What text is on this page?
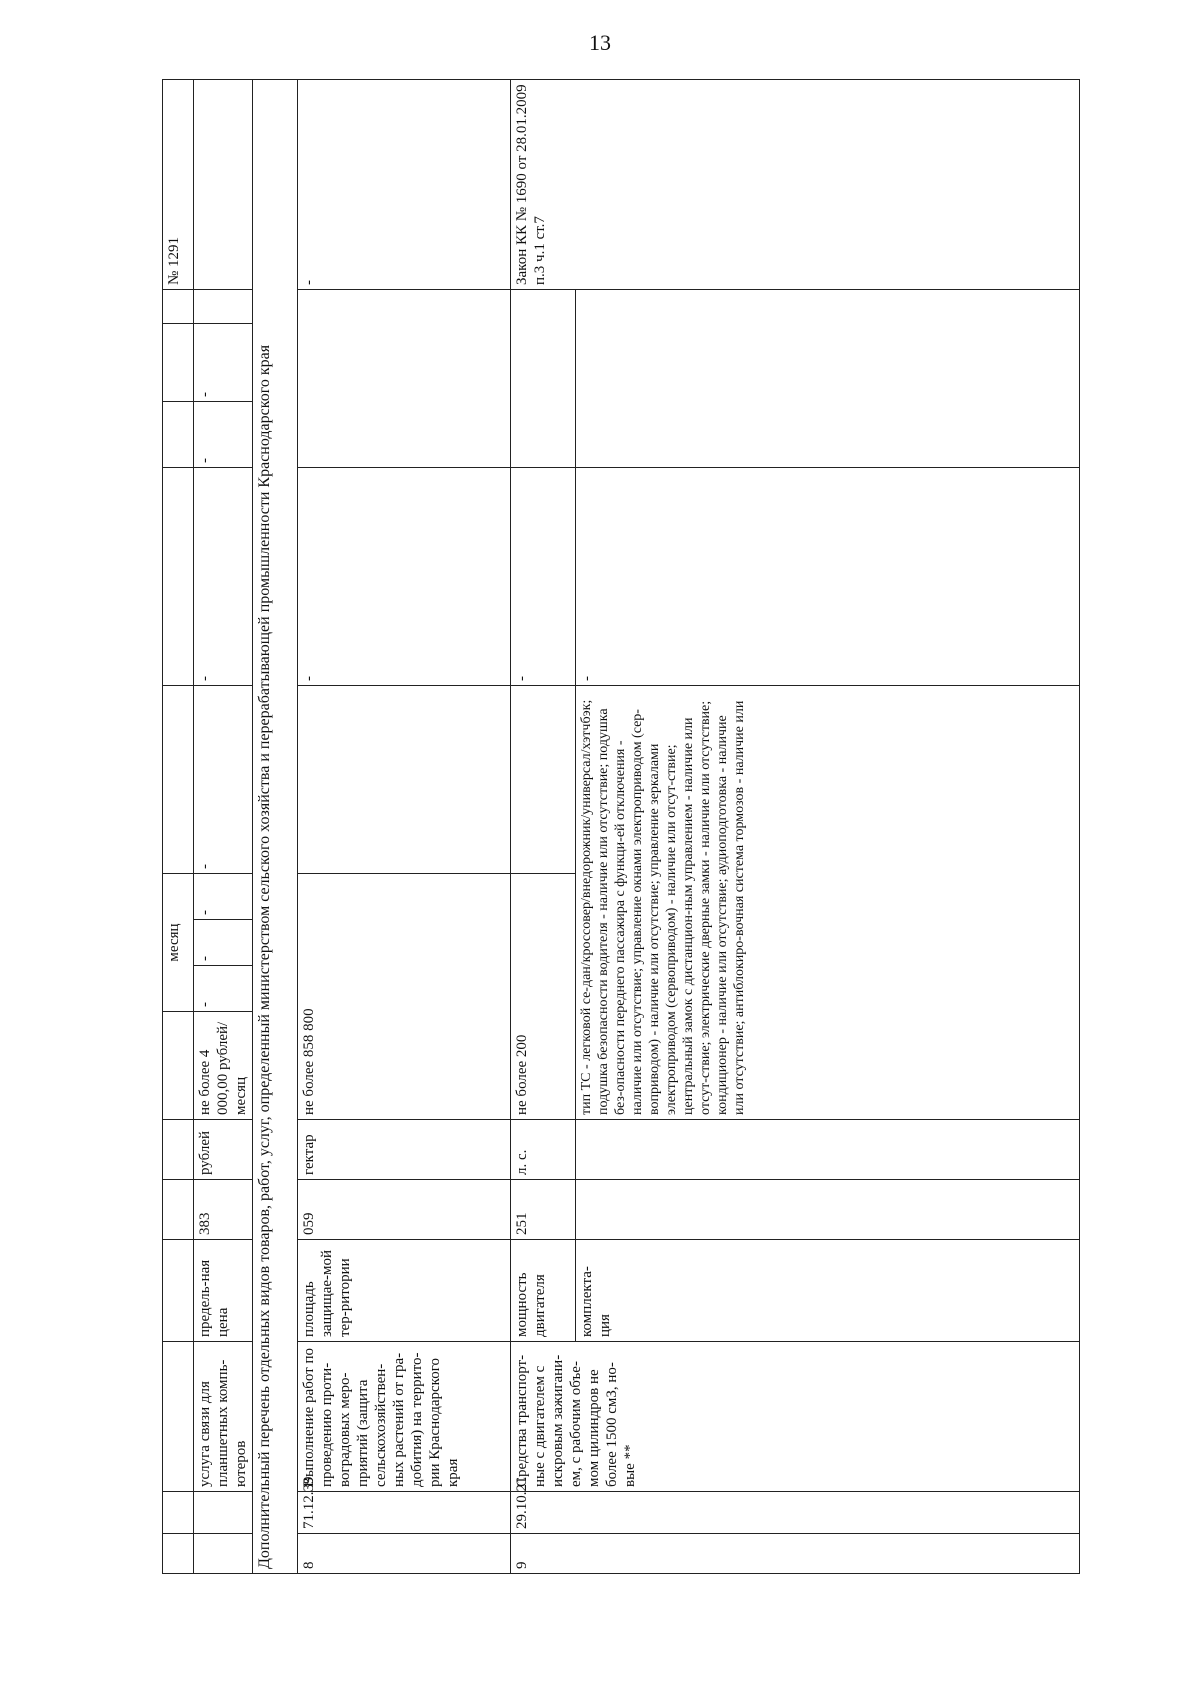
13
							месяц								№ 1291
		услуга связи для планшетных компь-ютеров	предель-ная цена	383	рублей	не более 4 000,00 рублей/месяц	-	-	-	-	-	-	-		
Дополнительный перечень отдельных видов товаров, работ, услуг, определенный министерством сельского хозяйства и перерабатывающей промышленности Краснодарского края															
8	71.12.39	Выполнение работ по проведению проти-воградовых меро-приятий (защита сельскохозяйствен-ных растений от гра-добития) на террито-рии Краснодарского края	площадь защищае-мой тер-ритории	059	гектар	не более 858 800					-				-
9	29.10.21	Средства транспорт-ные с двигателем с искровым зажигани-ем, с рабочим объе-мом цилиндров не более 1500 смЗ, но-вые **	мощность двигателя	251	л. с.	не более 200					-				Закон КК № 1690 от 28.01.2009 п.3 ч.1 ст.7
			комплекта-ция			тип ТС - легковой се-дан/кроссовер/внедорожник/универсал/хэтчбэк; подушка безопасности водителя - наличие или отсутствие; подушка без-опасности переднего пассажира с функци-ей отключения - наличие или отсутствие; управление окнами электроприводом (сер-воприводом) - наличие или отсутствие; управление зеркалами электроприводом (сервоприводом) - наличие или отсут-ствие; центральный замок с дистанцион-ным управлением - наличие или отсут-ствие; электрические дверные замки - наличие или отсутствие; кондиционер - наличие или отсутствие; аудиоподготовка - наличие или отсутствие; антиблокиро-вочная система тормозов - наличие или					-				
